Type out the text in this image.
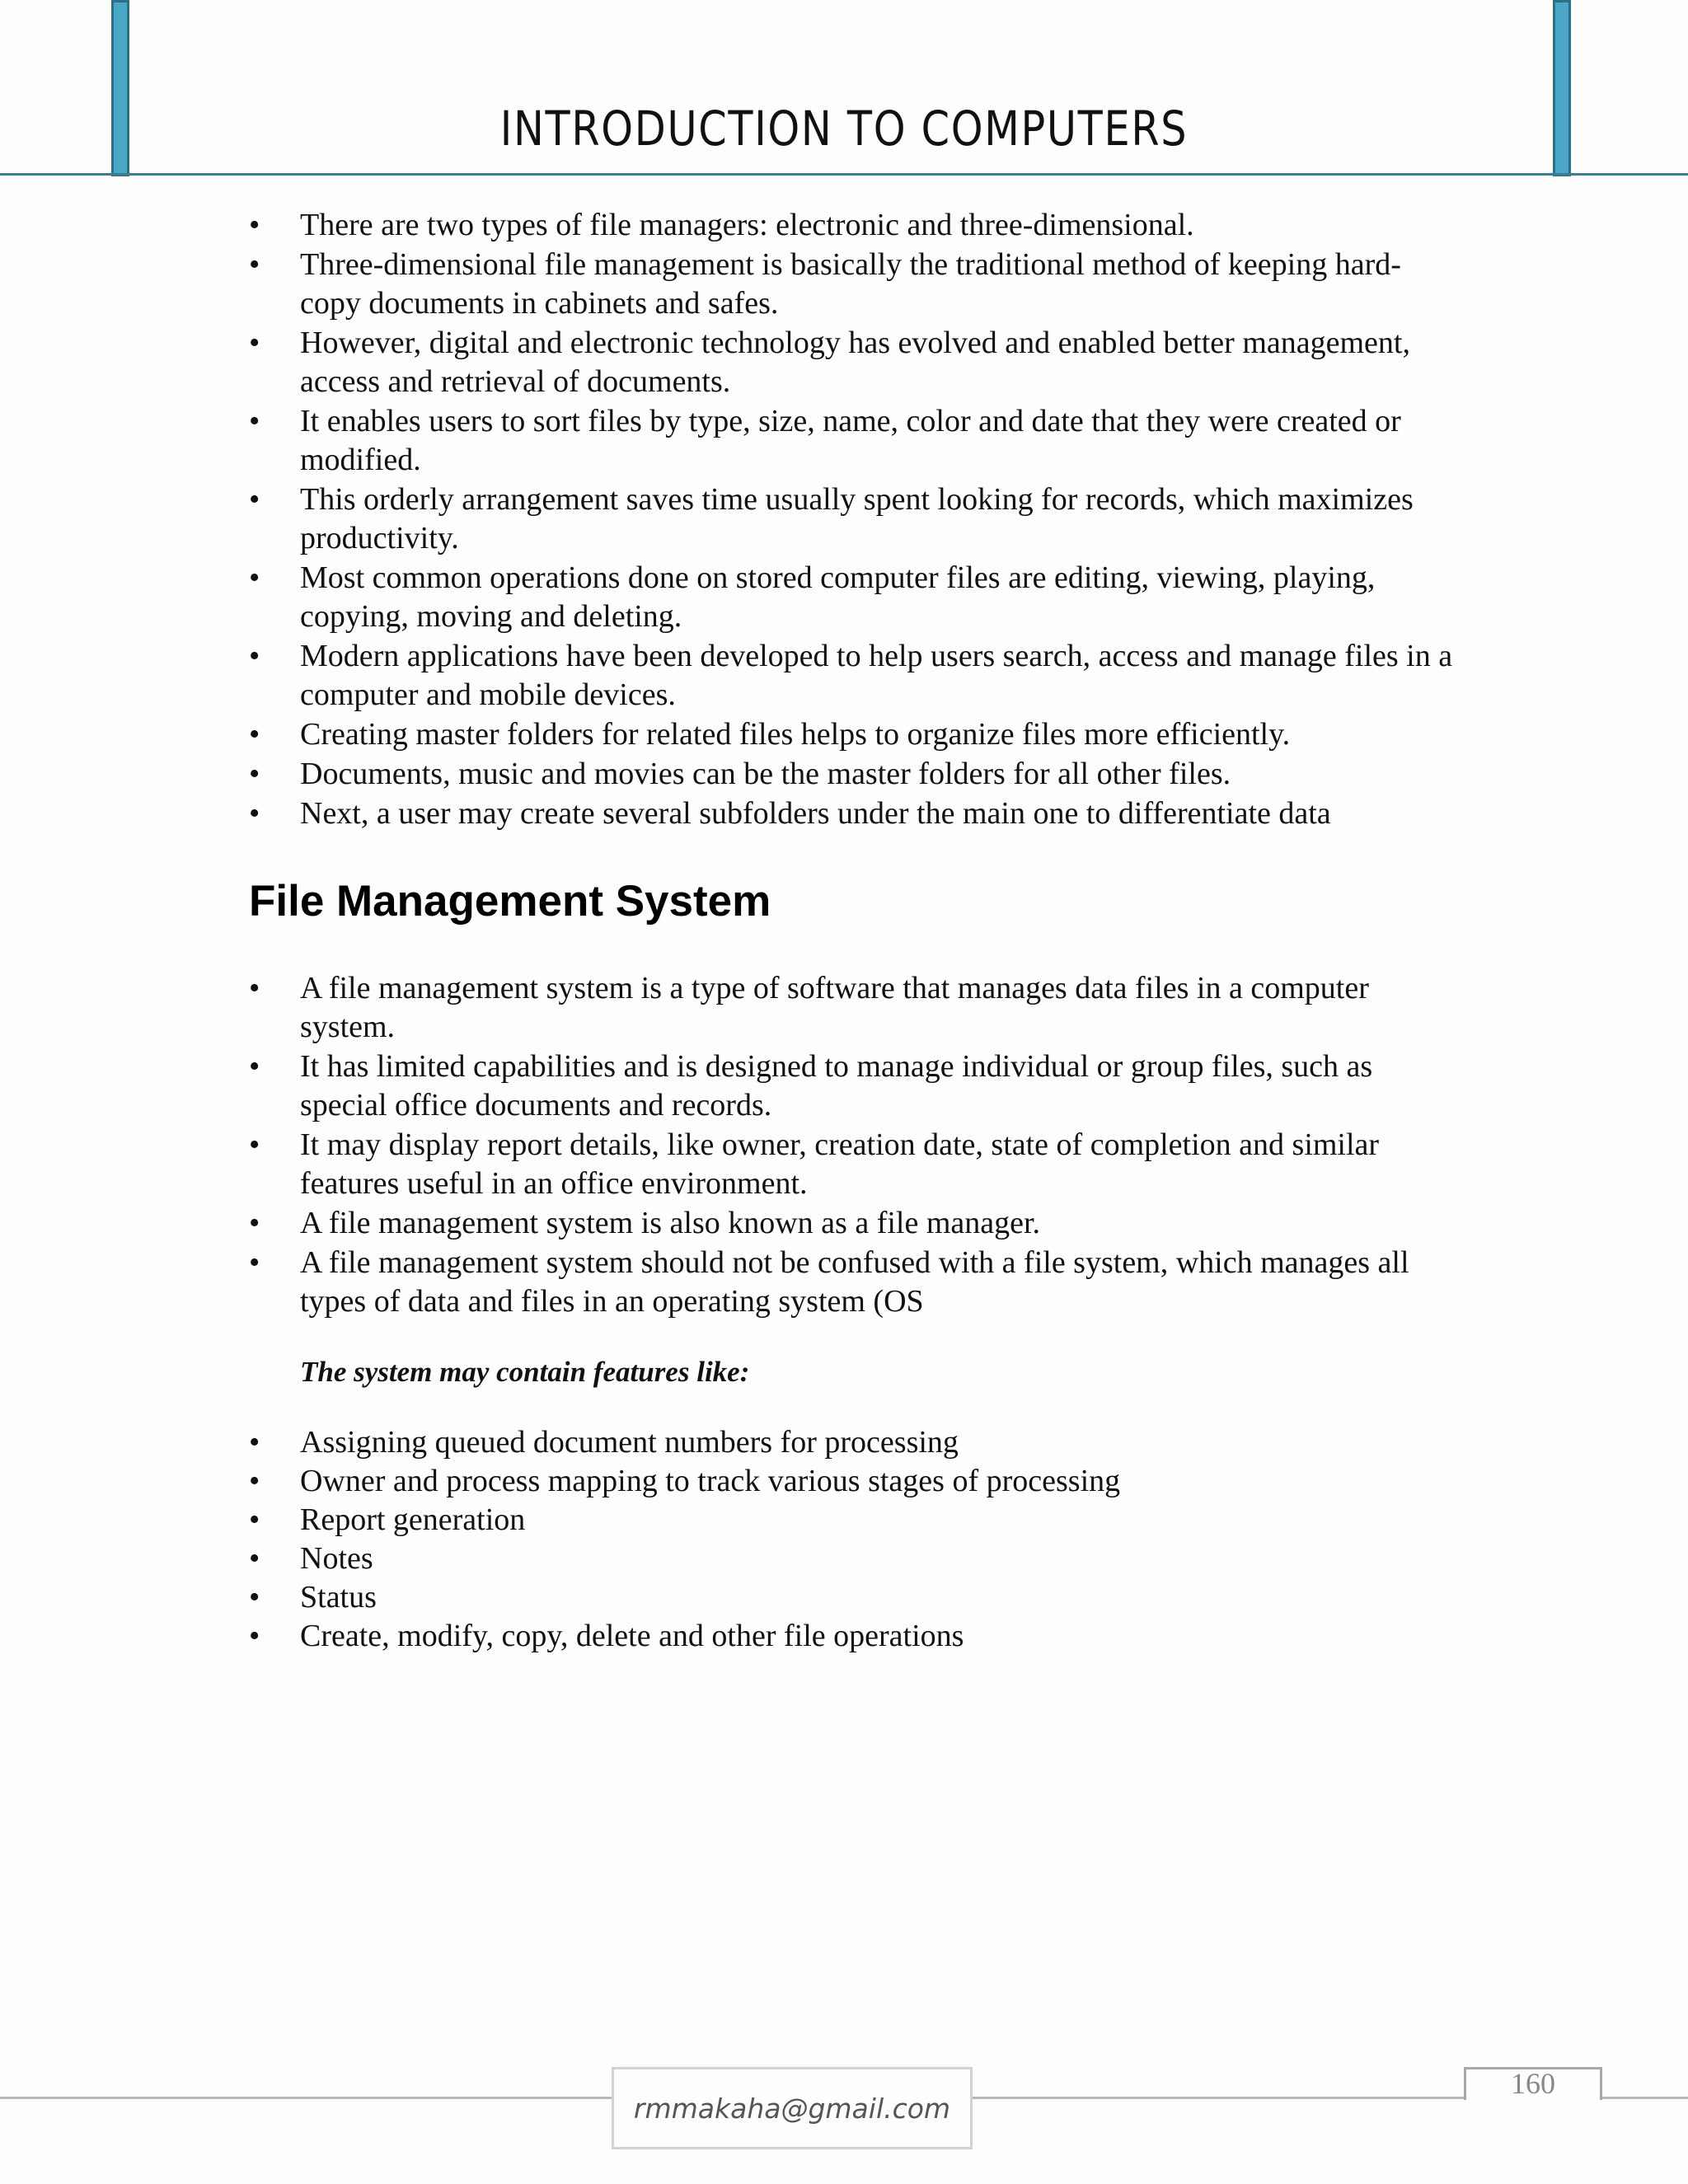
INTRODUCTION TO COMPUTERS
• There are two types of file managers: electronic and three-dimensional.
• Three-dimensional file management is basically the traditional method of keeping hard-copy documents in cabinets and safes.
• However, digital and electronic technology has evolved and enabled better management, access and retrieval of documents.
• It enables users to sort files by type, size, name, color and date that they were created or modified.
• This orderly arrangement saves time usually spent looking for records, which maximizes productivity.
• Most common operations done on stored computer files are editing, viewing, playing, copying, moving and deleting.
• Modern applications have been developed to help users search, access and manage files in a computer and mobile devices.
• Creating master folders for related files helps to organize files more efficiently.
• Documents, music and movies can be the master folders for all other files.
• Next, a user may create several subfolders under the main one to differentiate data
File Management System
• A file management system is a type of software that manages data files in a computer system.
• It has limited capabilities and is designed to manage individual or group files, such as special office documents and records.
• It may display report details, like owner, creation date, state of completion and similar features useful in an office environment.
• A file management system is also known as a file manager.
• A file management system should not be confused with a file system, which manages all types of data and files in an operating system (OS

The system may contain features like:

• Assigning queued document numbers for processing
• Owner and process mapping to track various stages of processing
• Report generation
• Notes
• Status
• Create, modify, copy, delete and other file operations
rmmakaha@gmail.com
160
